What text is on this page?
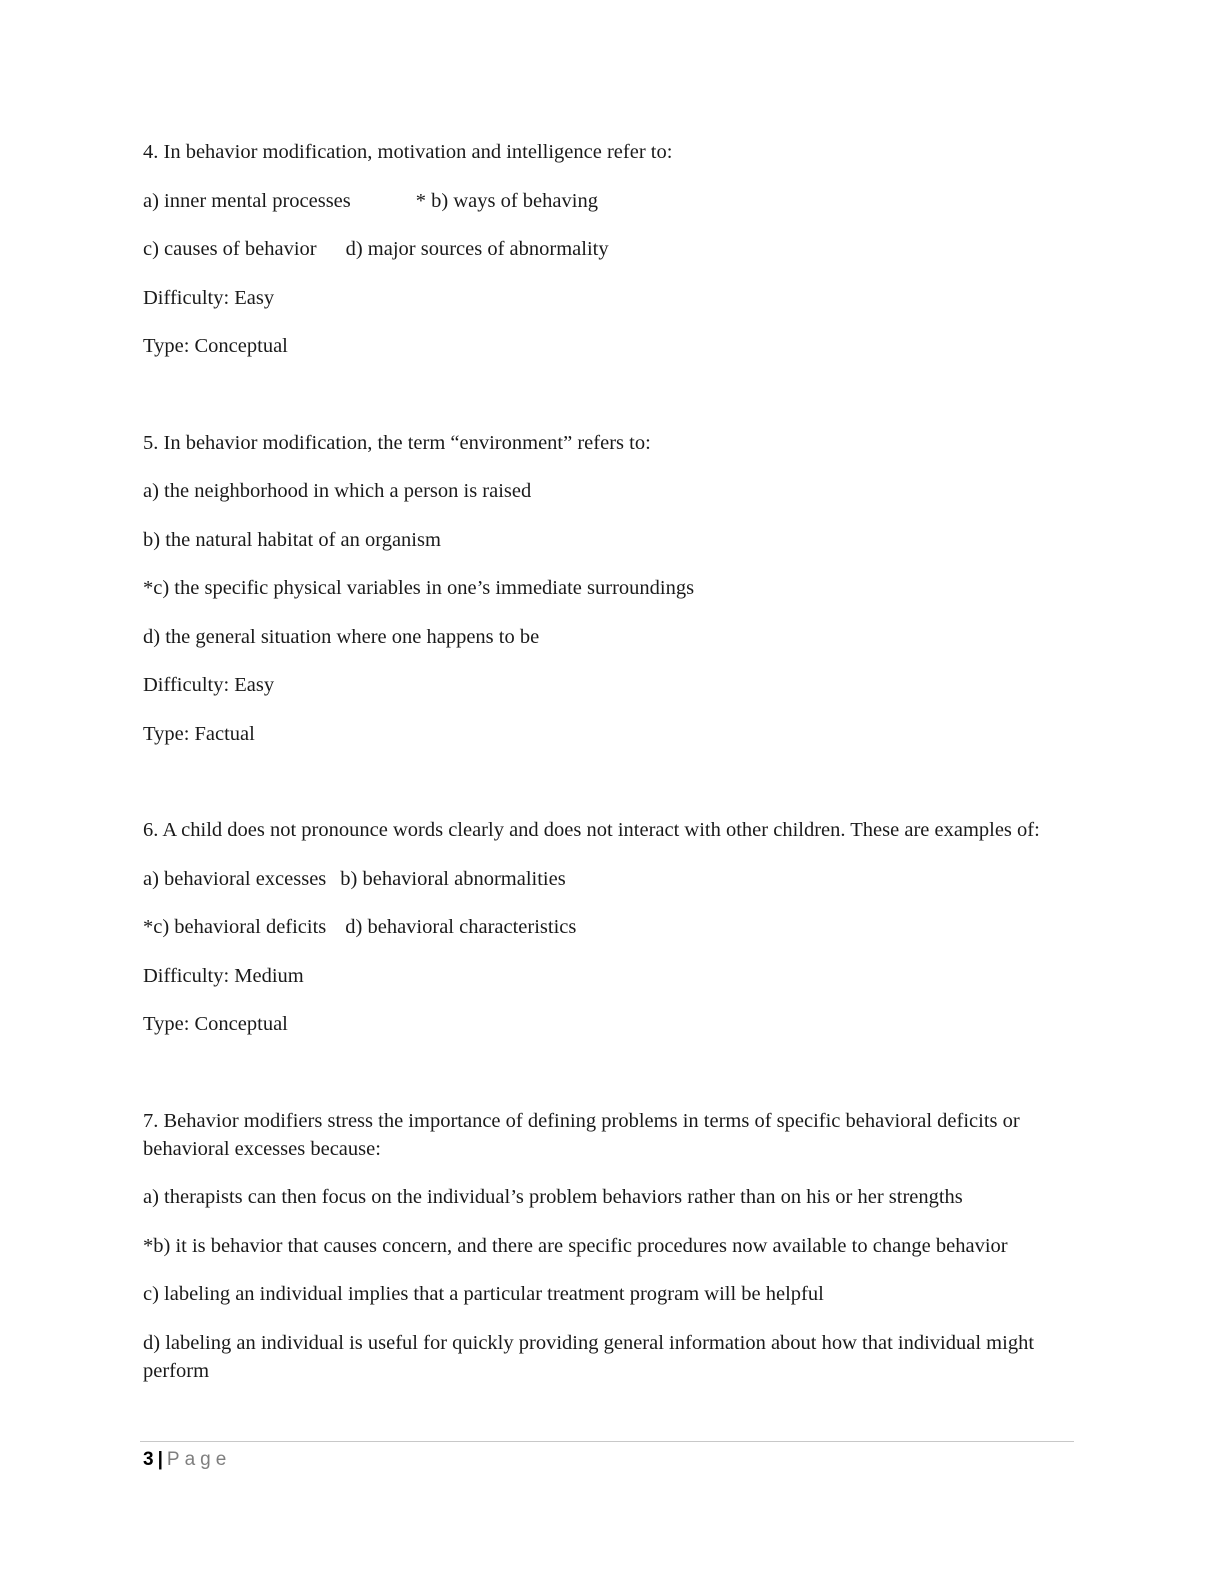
4. In behavior modification, motivation and intelligence refer to:

a) inner mental processes	* b) ways of behaving

c) causes of behavior d) major sources of abnormality

Difficulty: Easy

Type: Conceptual

5. In behavior modification, the term “environment” refers to:

a) the neighborhood in which a person is raised

b) the natural habitat of an organism

*c) the specific physical variables in one’s immediate surroundings

d) the general situation where one happens to be

Difficulty: Easy

Type: Factual

6. A child does not pronounce words clearly and does not interact with other children. These are examples of:

a) behavioral excesses b) behavioral abnormalities

*c) behavioral deficits d) behavioral characteristics

Difficulty: Medium

Type: Conceptual

7. Behavior modifiers stress the importance of defining problems in terms of specific behavioral deficits or behavioral excesses because:

a) therapists can then focus on the individual’s problem behaviors rather than on his or her strengths

*b) it is behavior that causes concern, and there are specific procedures now available to change behavior

c) labeling an individual implies that a particular treatment program will be helpful

d) labeling an individual is useful for quickly providing general information about how that individual might perform

3 | Page
